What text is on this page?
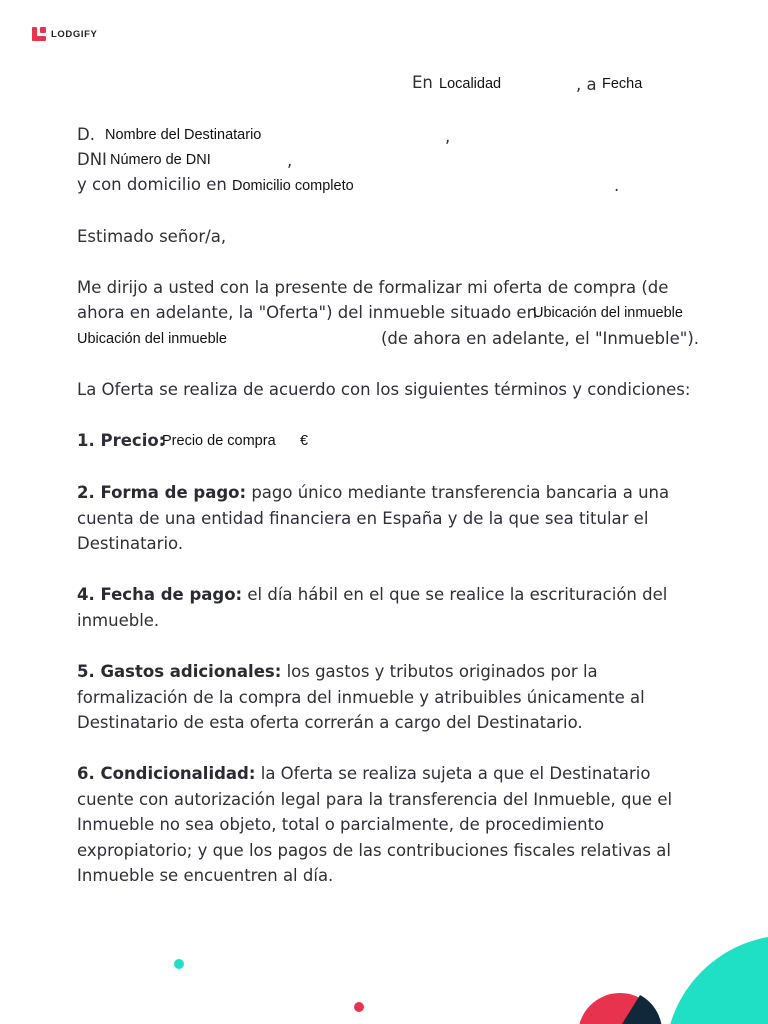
LODGIFY
En Localidad	, a Fecha
D. Nombre del Destinatario	,
DNI Número de DNI	,
y con domicilio en Domicilio completo	.
Estimado señor/a,
Me dirijo a usted con la presente de formalizar mi oferta de compra (de
ahora en adelante, la "Oferta") del inmueble situado en
Ubicación del inmueble
Ubicación del inmueble	(de ahora en adelante, el "Inmueble").
La Oferta se realiza de acuerdo con los siguientes términos y condiciones:
1. Precio:
Precio de compra €
2. Forma de pago: pago único mediante transferencia bancaria a una cuenta de una entidad financiera en España y de la que sea titular el Destinatario.
4. Fecha de pago: el día hábil en el que se realice la escrituración del inmueble.
5. Gastos adicionales: los gastos y tributos originados por la formalización de la compra del inmueble y atribuibles únicamente al Destinatario de esta oferta correrán a cargo del Destinatario.
6. Condicionalidad: la Oferta se realiza sujeta a que el Destinatario cuente con autorización legal para la transferencia del Inmueble, que el Inmueble no sea objeto, total o parcialmente, de procedimiento expropiatorio; y que los pagos de las contribuciones fiscales relativas al Inmueble se encuentren al día.
